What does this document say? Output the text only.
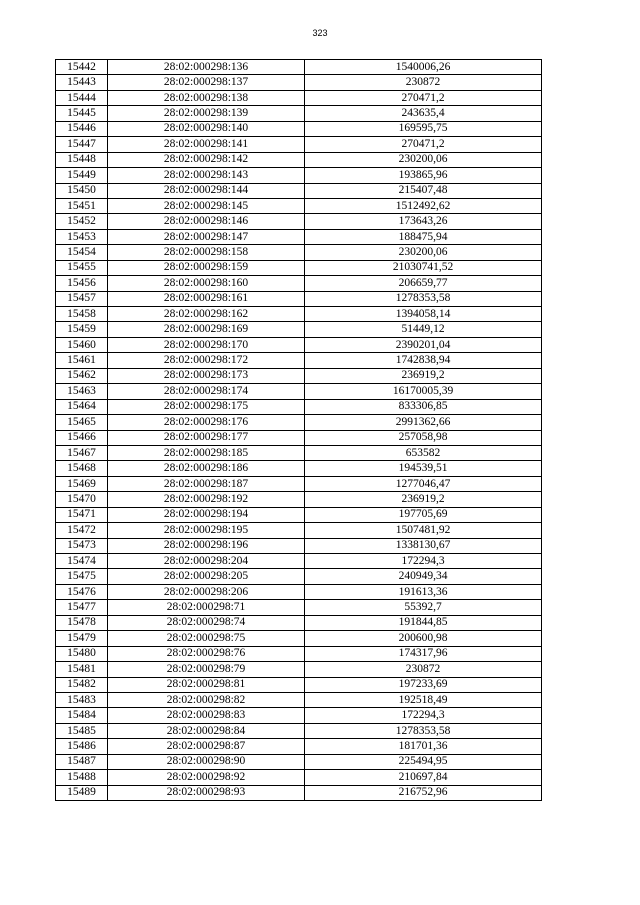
323
15442	28:02:000298:136	1540006,26
15443	28:02:000298:137	230872
15444	28:02:000298:138	270471,2
15445	28:02:000298:139	243635,4
15446	28:02:000298:140	169595,75
15447	28:02:000298:141	270471,2
15448	28:02:000298:142	230200,06
15449	28:02:000298:143	193865,96
15450	28:02:000298:144	215407,48
15451	28:02:000298:145	1512492,62
15452	28:02:000298:146	173643,26
15453	28:02:000298:147	188475,94
15454	28:02:000298:158	230200,06
15455	28:02:000298:159	21030741,52
15456	28:02:000298:160	206659,77
15457	28:02:000298:161	1278353,58
15458	28:02:000298:162	1394058,14
15459	28:02:000298:169	51449,12
15460	28:02:000298:170	2390201,04
15461	28:02:000298:172	1742838,94
15462	28:02:000298:173	236919,2
15463	28:02:000298:174	16170005,39
15464	28:02:000298:175	833306,85
15465	28:02:000298:176	2991362,66
15466	28:02:000298:177	257058,98
15467	28:02:000298:185	653582
15468	28:02:000298:186	194539,51
15469	28:02:000298:187	1277046,47
15470	28:02:000298:192	236919,2
15471	28:02:000298:194	197705,69
15472	28:02:000298:195	1507481,92
15473	28:02:000298:196	1338130,67
15474	28:02:000298:204	172294,3
15475	28:02:000298:205	240949,34
15476	28:02:000298:206	191613,36
15477	28:02:000298:71	55392,7
15478	28:02:000298:74	191844,85
15479	28:02:000298:75	200600,98
15480	28:02:000298:76	174317,96
15481	28:02:000298:79	230872
15482	28:02:000298:81	197233,69
15483	28:02:000298:82	192518,49
15484	28:02:000298:83	172294,3
15485	28:02:000298:84	1278353,58
15486	28:02:000298:87	181701,36
15487	28:02:000298:90	225494,95
15488	28:02:000298:92	210697,84
15489	28:02:000298:93	216752,96
